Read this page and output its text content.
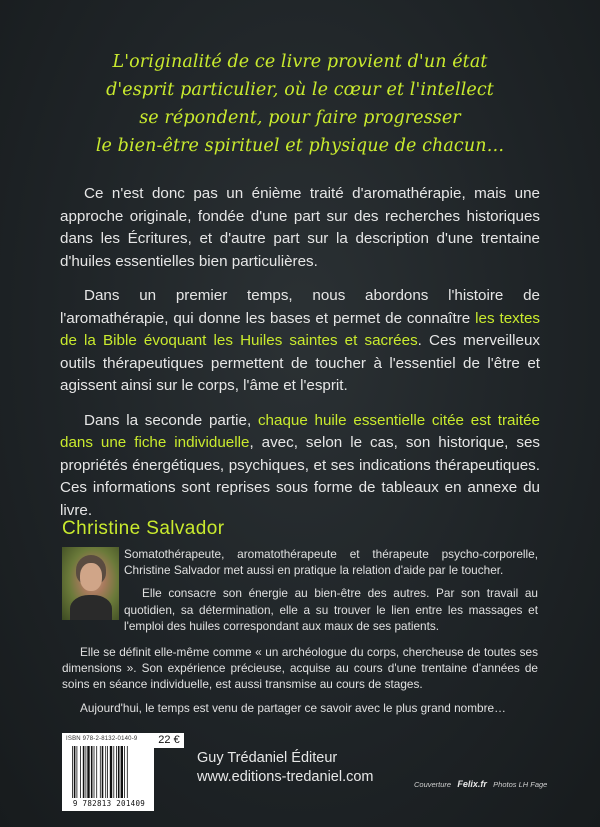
L'originalité de ce livre provient d'un état
d'esprit particulier, où le cœur et l'intellect
se répondent, pour faire progresser
le bien-être spirituel et physique de chacun…

Ce n'est donc pas un énième traité d'aromathérapie, mais une approche originale, fondée d'une part sur des recherches historiques dans les Écritures, et d'autre part sur la description d'une trentaine d'huiles essentielles bien particulières.

Dans un premier temps, nous abordons l'histoire de l'aromathérapie, qui donne les bases et permet de connaître les textes de la Bible évoquant les Huiles saintes et sacrées. Ces merveilleux outils thérapeutiques permettent de toucher à l'essentiel de l'être et agissent ainsi sur le corps, l'âme et l'esprit.

Dans la seconde partie, chaque huile essentielle citée est traitée dans une fiche individuelle, avec, selon le cas, son historique, ses propriétés énergétiques, psychiques, et ses indications thérapeutiques. Ces informations sont reprises sous forme de tableaux en annexe du livre.

Christine Salvador

Somatothérapeute, aromatothérapeute et thérapeute psycho-corporelle, Christine Salvador met aussi en pratique la relation d'aide par le toucher.

Elle consacre son énergie au bien-être des autres. Par son travail au quotidien, sa détermination, elle a su trouver le lien entre les massages et l'emploi des huiles correspondant aux maux de ses patients.

Elle se définit elle-même comme « un archéologue du corps, chercheuse de toutes ses dimensions ». Son expérience précieuse, acquise au cours d'une trentaine d'années de soins en séance individuelle, est aussi transmise au cours de stages.

Aujourd'hui, le temps est venu de partager ce savoir avec le plus grand nombre…

ISBN 978-2-8132-0140-9
9 782813 201409
22 €
Guy Trédaniel Éditeur
www.editions-tredaniel.com	Couverture Felix.fr Photos LH Fage
